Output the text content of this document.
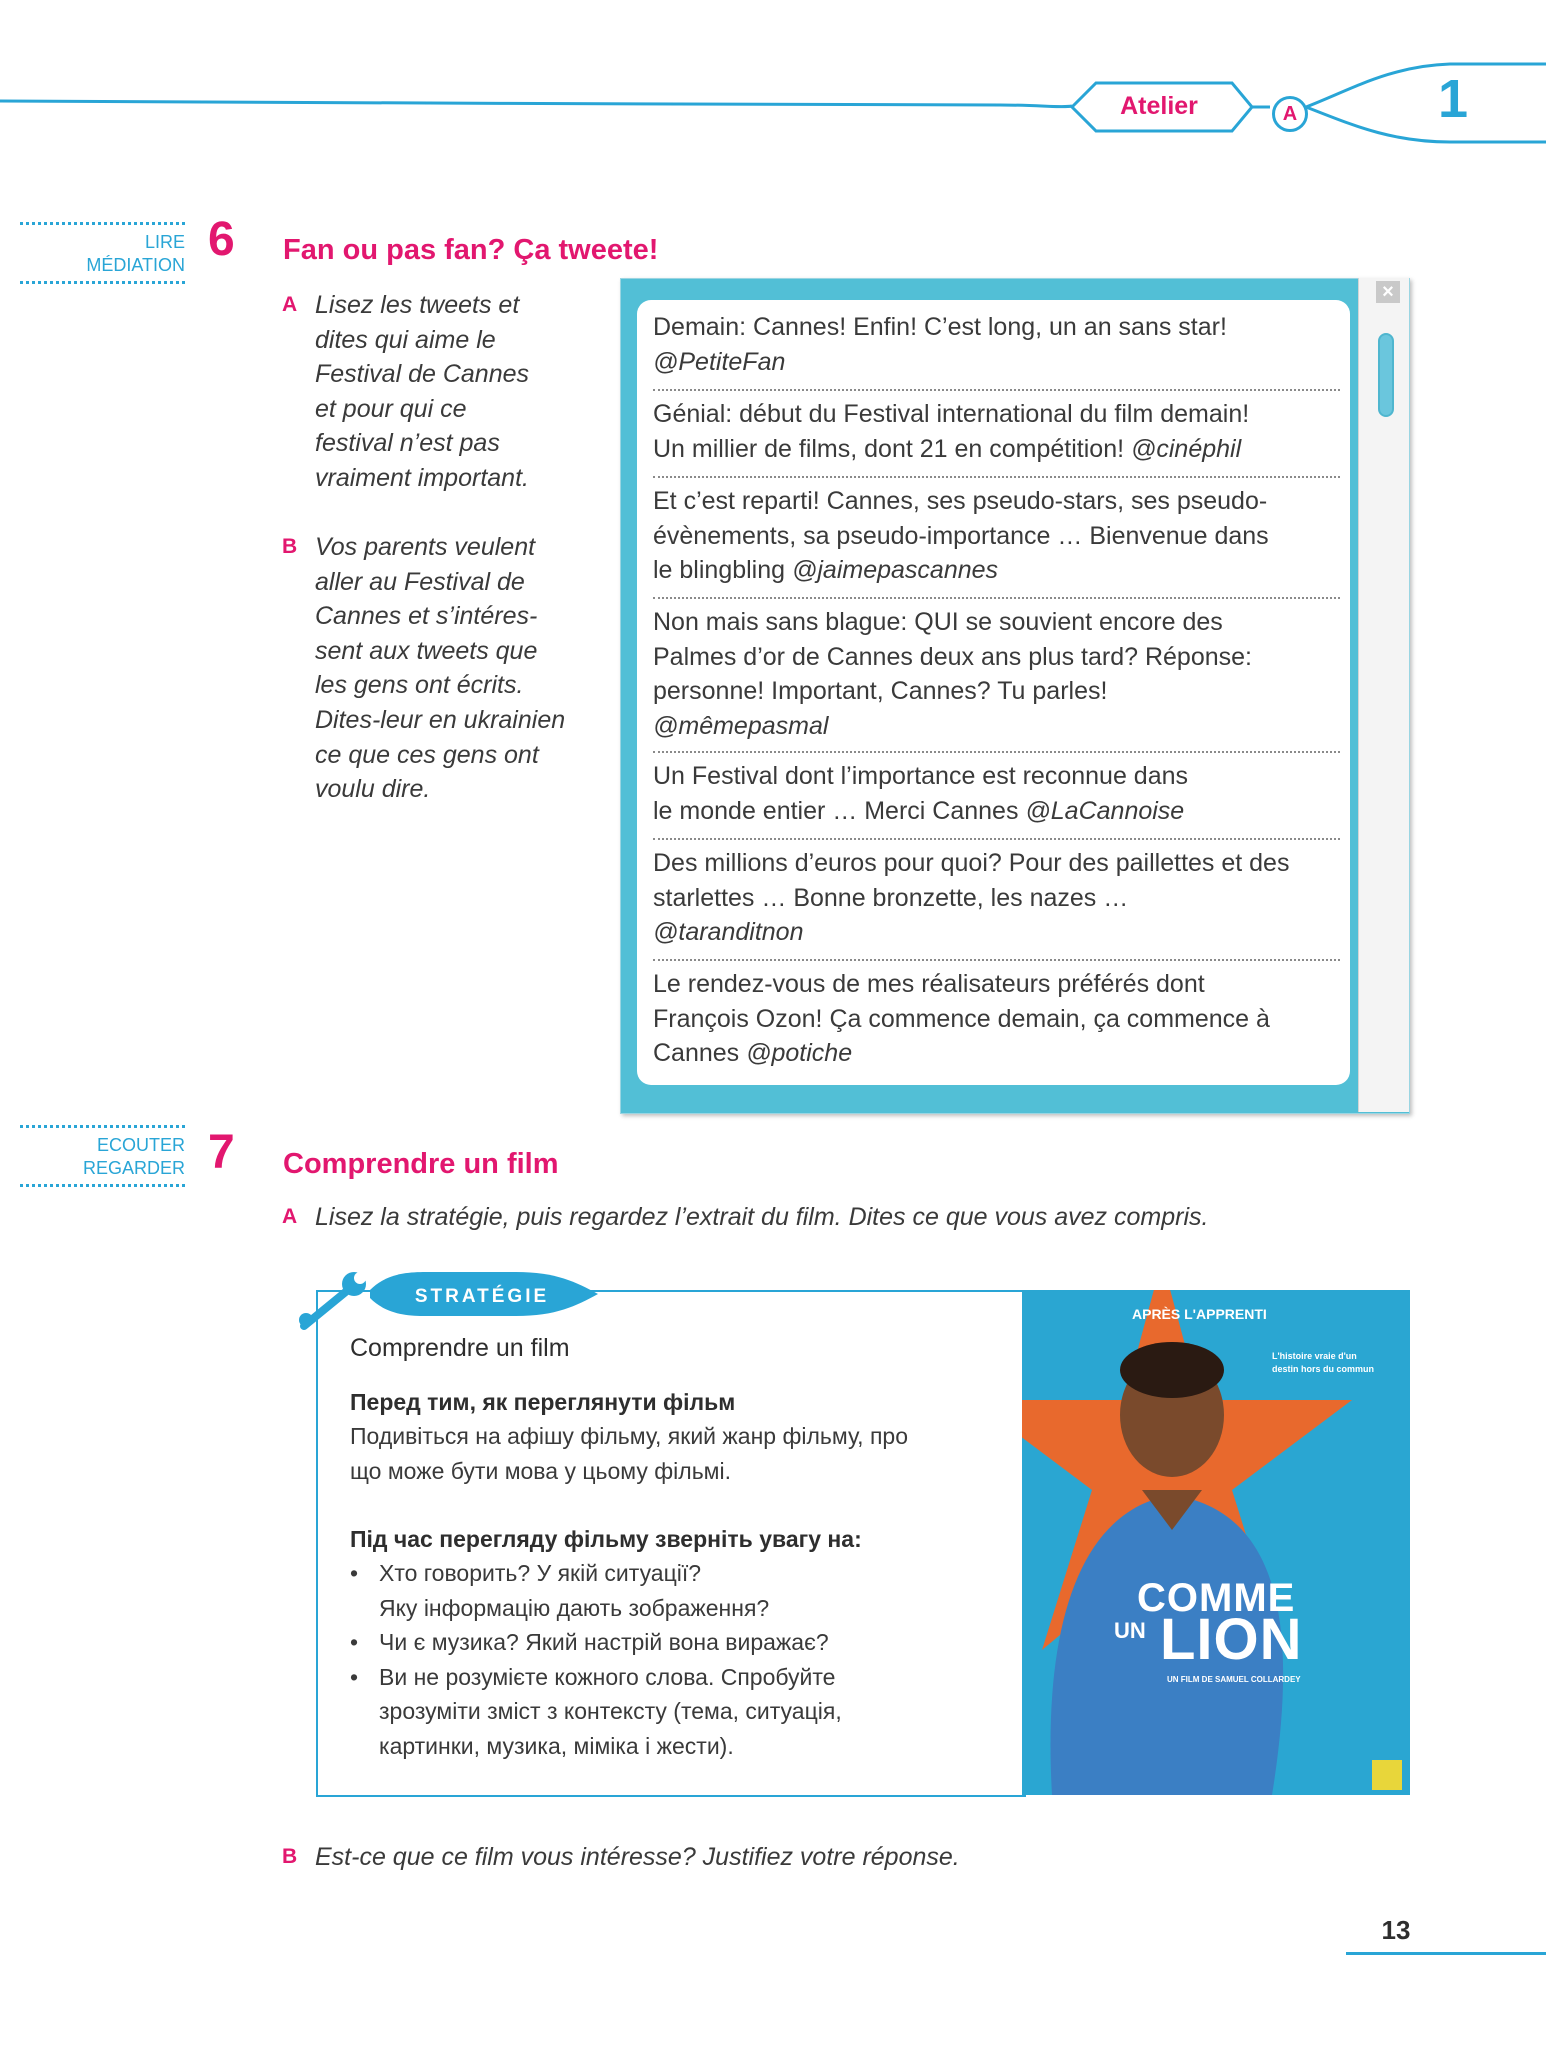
Atelier	A	1
LIRE
MÉDIATION 6 Fan ou pas fan? Ça tweete!
A Lisez les tweets et
dites qui aime le
Festival de Cannes
et pour qui ce
festival n’est pas
vraiment important.
B Vos parents veulent
aller au Festival de
Cannes et s’intéres-
sent aux tweets que
les gens ont écrits.
Dites-leur en ukrainien
ce que ces gens ont
voulu dire.
×
Demain: Cannes! Enfin! C’est long, un an sans star!
@PetiteFan
Génial: début du Festival international du film demain!
Un millier de films, dont 21 en compétition! @cinéphil
Et c’est reparti! Cannes, ses pseudo-stars, ses pseudo-
évènements, sa pseudo-importance … Bienvenue dans
le blingbling @jaimepascannes
Non mais sans blague: QUI se souvient encore des
Palmes d’or de Cannes deux ans plus tard? Réponse:
personne! Important, Cannes? Tu parles!
@mêmepasmal
Un Festival dont l’importance est reconnue dans
le monde entier … Merci Cannes @LaCannoise
Des millions d’euros pour quoi? Pour des paillettes et des
starlettes … Bonne bronzette, les nazes …
@taranditnon
Le rendez-vous de mes réalisateurs préférés dont
François Ozon! Ça commence demain, ça commence à
Cannes @potiche
ECOUTER
REGARDER 7 Comprendre un film
A Lisez la stratégie, puis regardez l’extrait du film. Dites ce que vous avez compris.
STRATÉGIE
Comprendre un film
Перед тим, як переглянути фільм
Подивіться на афішу фільму, який жанр фільму, про
що може бути мова у цьому фільмі.
Під час перегляду фільму зверніть увагу на:
• Хто говорить? У якій ситуації?
Яку інформацію дають зображення?
• Чи є музика? Який настрій вона виражає?
• Ви не розумієте кожного слова. Спробуйте
зрозуміти зміст з контексту (тема, ситуація,
картинки, музика, міміка і жести).
APRÈS L'APPRENTI
L'histoire vraie d'un destin hors du commun
COMME
UN LION
UN FILM DE SAMUEL COLLARDEY
B Est-ce que ce film vous intéresse? Justifiez votre réponse.
13
